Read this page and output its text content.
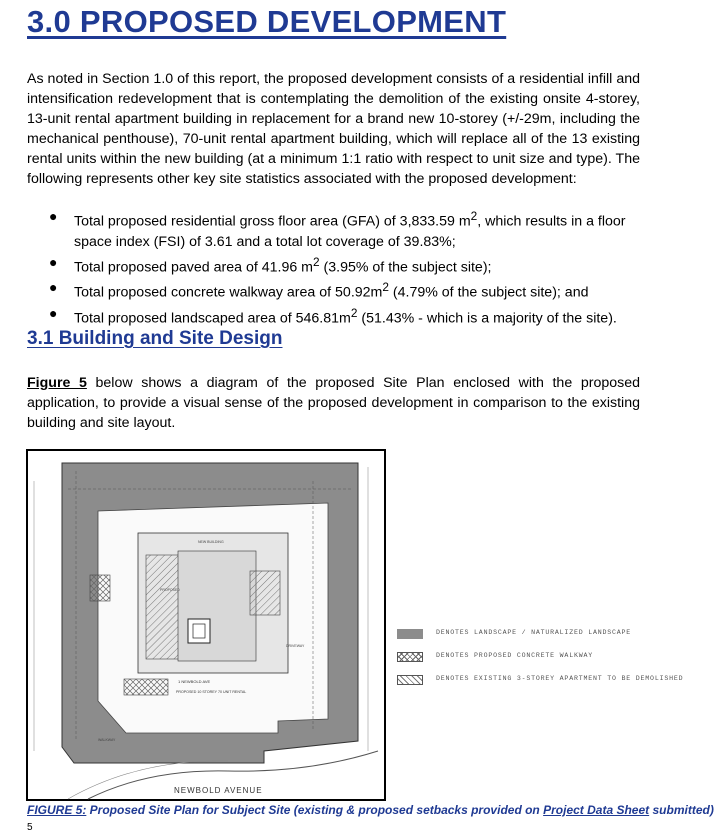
3.0 PROPOSED DEVELOPMENT

As noted in Section 1.0 of this report, the proposed development consists of a residential infill and intensification redevelopment that is contemplating the demolition of the existing onsite 4-storey, 13-unit rental apartment building in replacement for a brand new 10-storey (+/-29m, including the mechanical penthouse), 70-unit rental apartment building, which will replace all of the 13 existing rental units within the new building (at a minimum 1:1 ratio with respect to unit size and type). The following represents other key site statistics associated with the proposed development:

● Total proposed residential gross floor area (GFA) of 3,833.59 $m^2$, which results in a floor space index (FSI) of 3.61 and a total lot coverage of 39.83%;
● Total proposed paved area of 41.96 $m^2$ (3.95% of the subject site);
● Total proposed concrete walkway area of $50.92m^2$ (4.79% of the subject site); and
● Total proposed landscaped area of $546.81m^2$ (51.43% - which is a majority of the site).
3.1 Building and Site Design

Figure 5 below shows a diagram of the proposed Site Plan enclosed with the proposed application, to provide a visual sense of the proposed development in comparison to the existing building and site layout.

NEW BUILDING
PROPOSED
DRIVEWAY
WALKWAY
1 NEWBOLD AVE
PROPOSED 10 STOREY 70 UNIT RENTAL
NEWBOLD AVENUE
DENOTES LANDSCAPE / NATURALIZED LANDSCAPE
DENOTES PROPOSED CONCRETE WALKWAY
DENOTES EXISTING 3-STOREY APARTMENT TO BE DEMOLISHED

FIGURE 5: Proposed Site Plan for Subject Site (existing & proposed setbacks provided on Project Data Sheet submitted)

5
